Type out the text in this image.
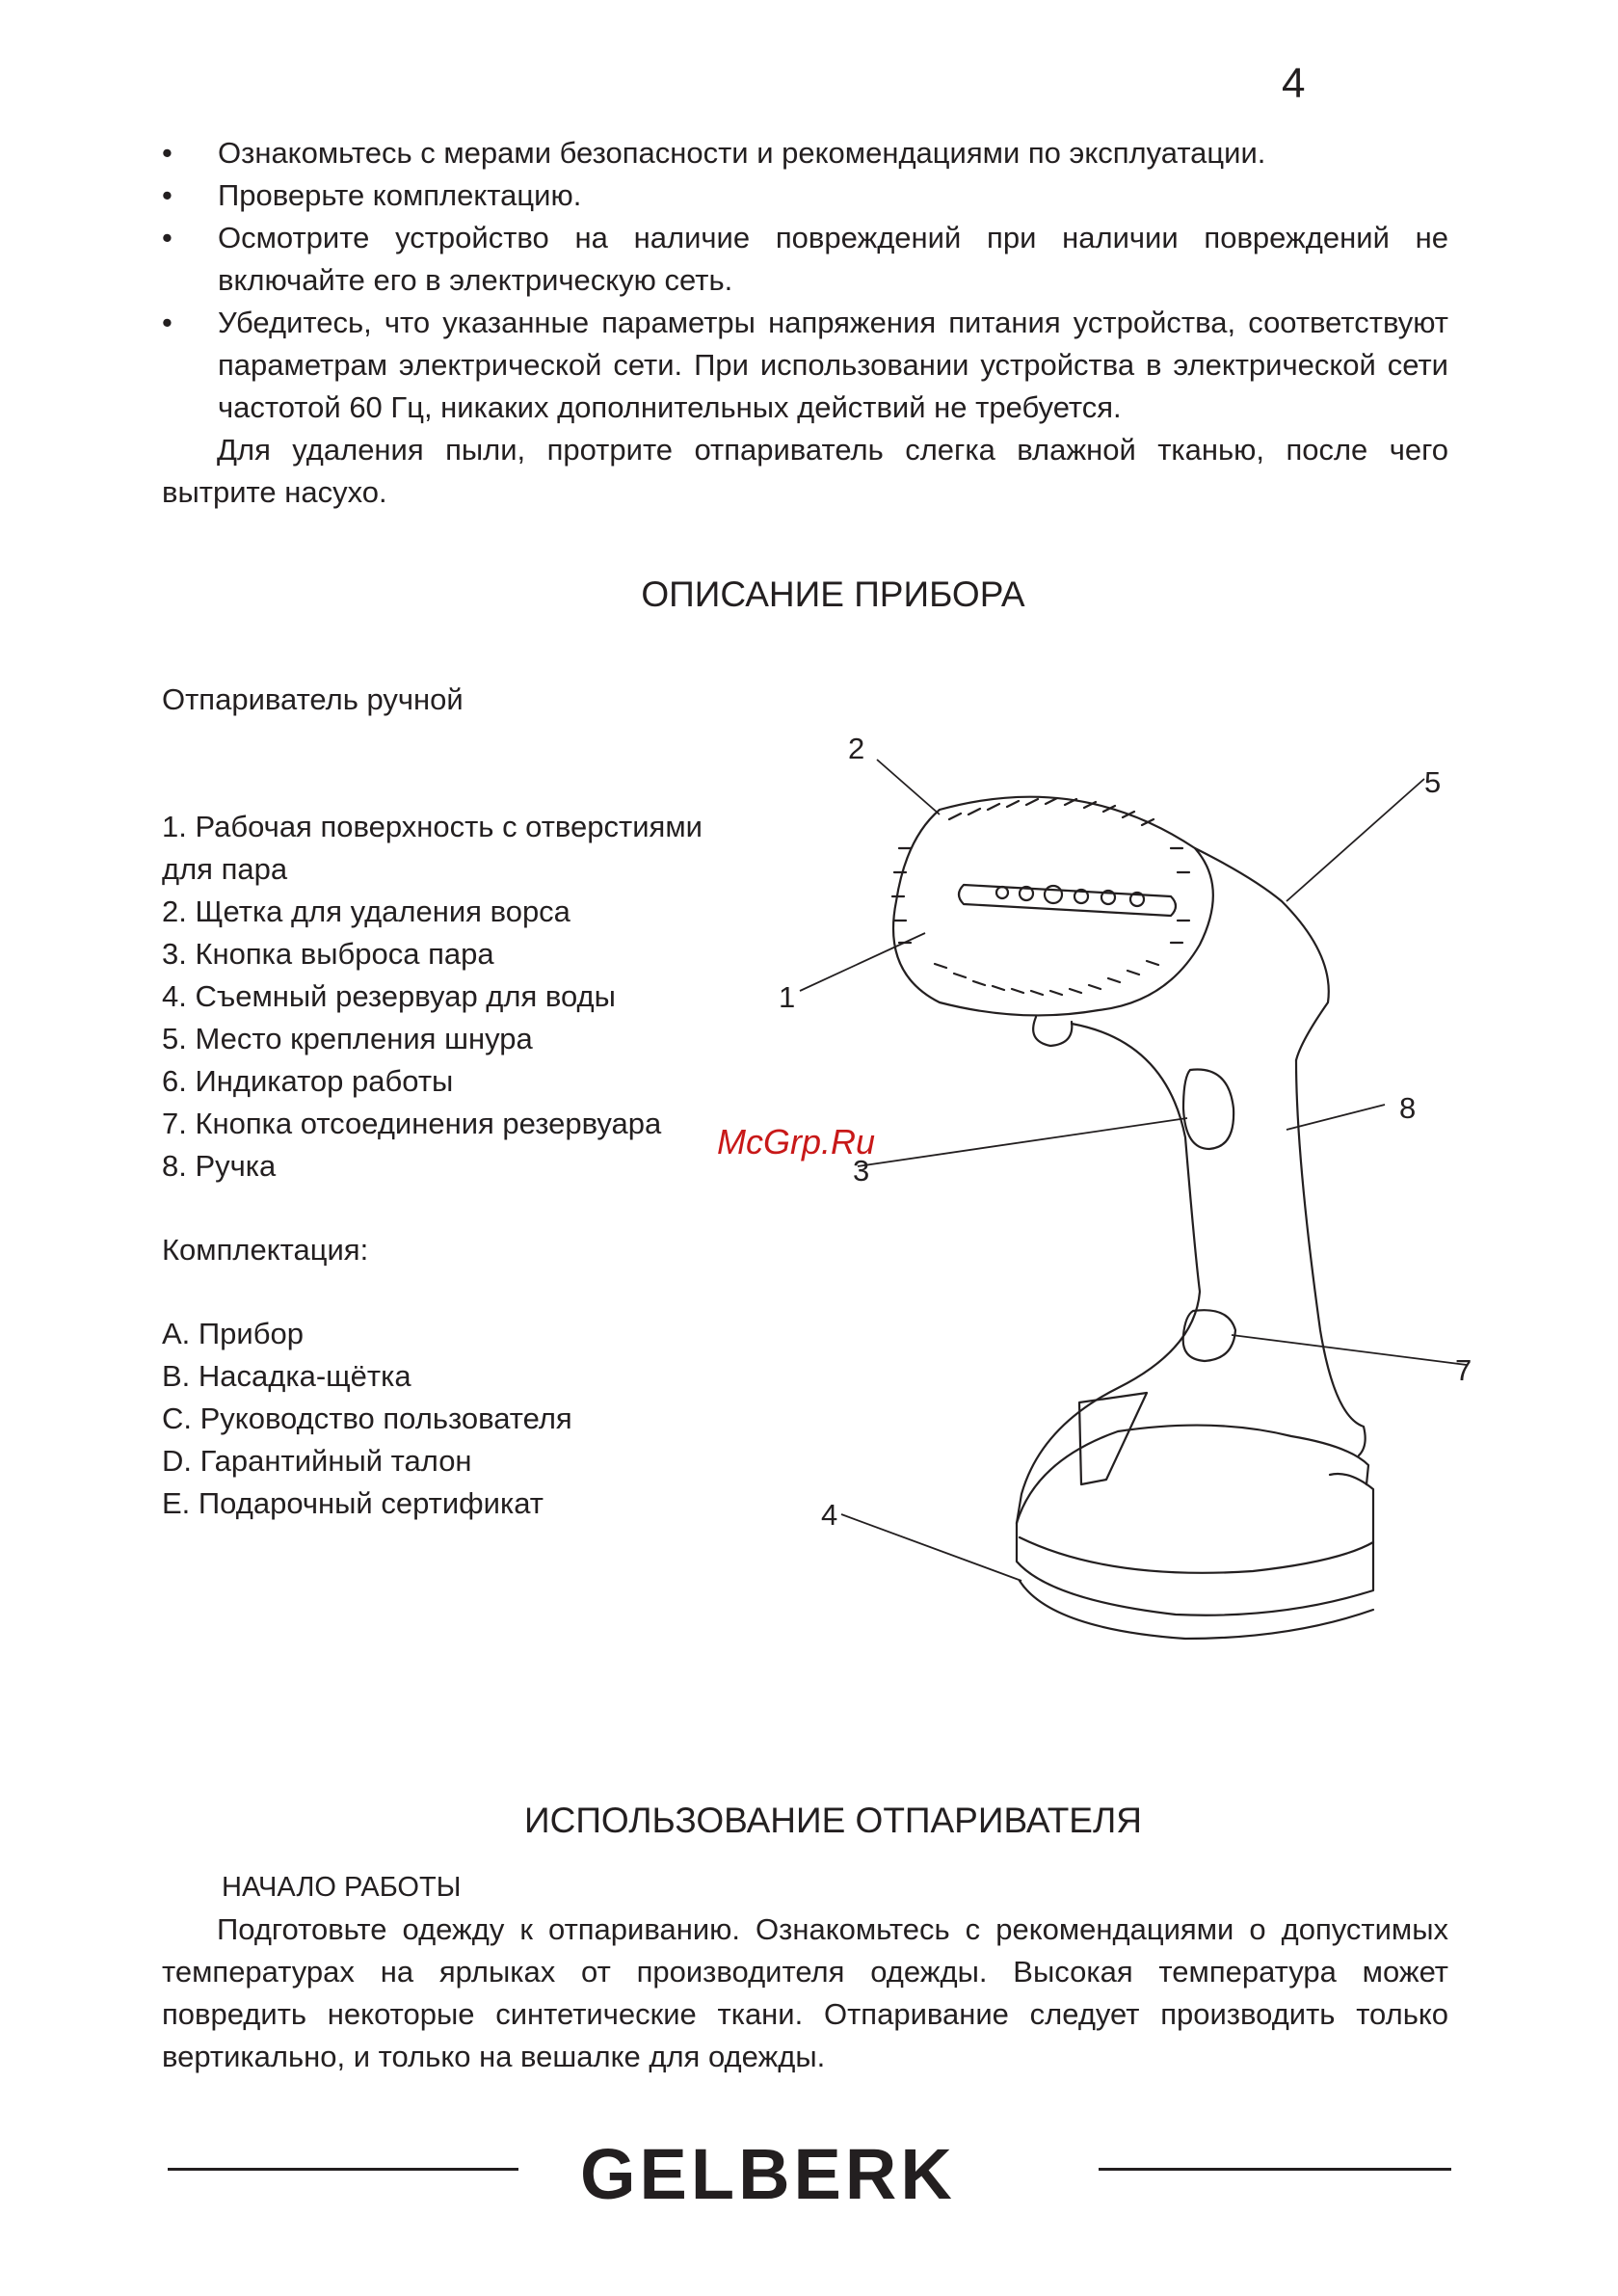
4
• Ознакомьтесь с мерами безопасности и рекомендациями по эксплуатации.
• Проверьте комплектацию.
• Осмотрите устройство на наличие повреждений при наличии повреждений не включайте его в электрическую сеть.
• Убедитесь, что указанные параметры напряжения питания устройства, соответствуют параметрам электрической сети. При использовании устройства в электрической сети частотой 60 Гц, никаких дополнительных действий не требуется.

Для удаления пыли, протрите отпариватель слегка влажной тканью, после чего вытрите насухо.

ОПИСАНИЕ ПРИБОРА

Отпариватель ручной

1. Рабочая поверхность с отверстиями для пара
2. Щетка для удаления ворса
3. Кнопка выброса пара
4. Съемный резервуар для воды
5. Место крепления шнура
6. Индикатор работы
7. Кнопка отсоединения резервуара
8. Ручка

Комплектация:

A. Прибор
B. Насадка-щётка
C. Руководство пользователя
D. Гарантийный талон
E. Подарочный сертификат
2
5
1
8
3
7
4
McGrp.Ru
ИСПОЛЬЗОВАНИЕ ОТПАРИВАТЕЛЯ

НАЧАЛО РАБОТЫ

Подготовьте одежду к отпариванию. Ознакомьтесь с рекомендациями о допустимых температурах на ярлыках от производителя одежды. Высокая температура может повредить некоторые синтетические ткани. Отпаривание следует производить только вертикально, и только на вешалке для одежды.

GELBERK
